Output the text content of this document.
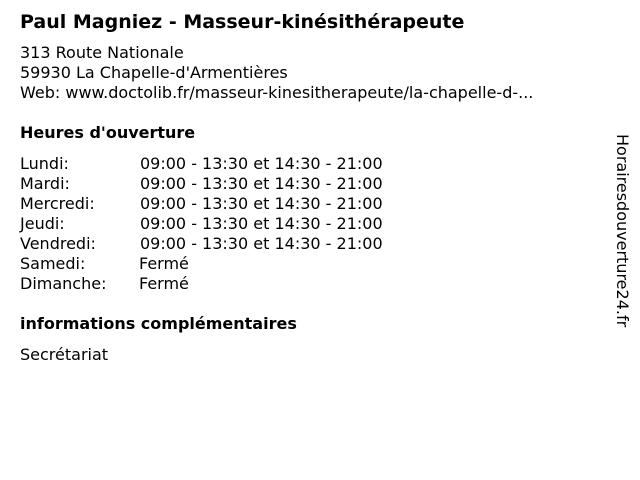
Paul Magniez - Masseur-kinésithérapeute
313 Route Nationale
59930 La Chapelle-d'Armentières
Web: www.doctolib.fr/masseur-kinesitherapeute/la-chapelle-d-...
Heures d'ouverture
Lundi:	09:00 - 13:30 et 14:30 - 21:00
Mardi:	09:00 - 13:30 et 14:30 - 21:00
Mercredi:	09:00 - 13:30 et 14:30 - 21:00
Jeudi:	09:00 - 13:30 et 14:30 - 21:00
Vendredi:	09:00 - 13:30 et 14:30 - 21:00
Samedi:	Fermé
Dimanche: Fermé
informations complémentaires
Secrétariat
Horairesdouverture24.fr
